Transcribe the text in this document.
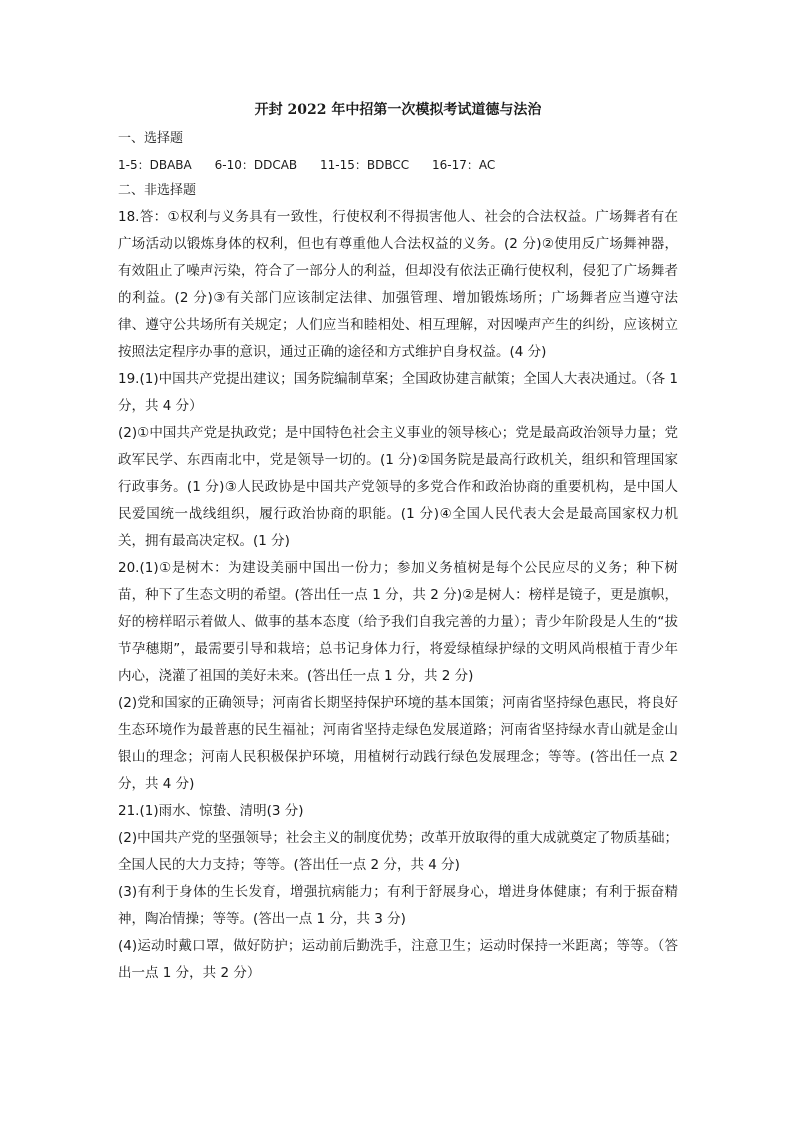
开封 2022 年中招第一次模拟考试道德与法治

一、选择题

1-5：DBABA      6-10：DDCAB      11-15：BDBCC      16-17：AC

二、非选择题

18.答：①权利与义务具有一致性，行使权利不得损害他人、社会的合法权益。广场舞者有在广场活动以锻炼身体的权利，但也有尊重他人合法权益的义务。(2 分)②使用反广场舞神器，有效阻止了噪声污染，符合了一部分人的利益，但却没有依法正确行使权利，侵犯了广场舞者的利益。(2 分)③有关部门应该制定法律、加强管理、增加锻炼场所；广场舞者应当遵守法律、遵守公共场所有关规定；人们应当和睦相处、相互理解，对因噪声产生的纠纷，应该树立按照法定程序办事的意识，通过正确的途径和方式维护自身权益。(4 分)

19.(1)中国共产党提出建议；国务院编制草案；全国政协建言献策；全国人大表决通过。（各 1 分，共 4 分）

(2)①中国共产党是执政党；是中国特色社会主义事业的领导核心；党是最高政治领导力量；党政军民学、东西南北中，党是领导一切的。(1 分)②国务院是最高行政机关，组织和管理国家行政事务。(1 分)③人民政协是中国共产党领导的多党合作和政治协商的重要机构，是中国人民爱国统一战线组织，履行政治协商的职能。(1 分)④全国人民代表大会是最高国家权力机关，拥有最高决定权。(1 分)

20.(1)①是树木：为建设美丽中国出一份力；参加义务植树是每个公民应尽的义务；种下树苗，种下了生态文明的希望。(答出任一点 1 分，共 2 分)②是树人：榜样是镜子，更是旗帜，好的榜样昭示着做人、做事的基本态度（给予我们自我完善的力量）；青少年阶段是人生的“拔节孕穗期”，最需要引导和栽培；总书记身体力行，将爱绿植绿护绿的文明风尚根植于青少年内心，浇灌了祖国的美好未来。(答出任一点 1 分，共 2 分)

(2)党和国家的正确领导；河南省长期坚持保护环境的基本国策；河南省坚持绿色惠民，将良好生态环境作为最普惠的民生福祉；河南省坚持走绿色发展道路；河南省坚持绿水青山就是金山银山的理念；河南人民积极保护环境，用植树行动践行绿色发展理念；等等。(答出任一点 2 分，共 4 分)

21.(1)雨水、惊蛰、清明(3 分)

(2)中国共产党的坚强领导；社会主义的制度优势；改革开放取得的重大成就奠定了物质基础；全国人民的大力支持；等等。(答出任一点 2 分，共 4 分)

(3)有利于身体的生长发育，增强抗病能力；有利于舒展身心，增进身体健康；有利于振奋精神，陶冶情操；等等。(答出一点 1 分，共 3 分)

(4)运动时戴口罩，做好防护；运动前后勤洗手，注意卫生；运动时保持一米距离；等等。（答出一点 1 分，共 2 分）
